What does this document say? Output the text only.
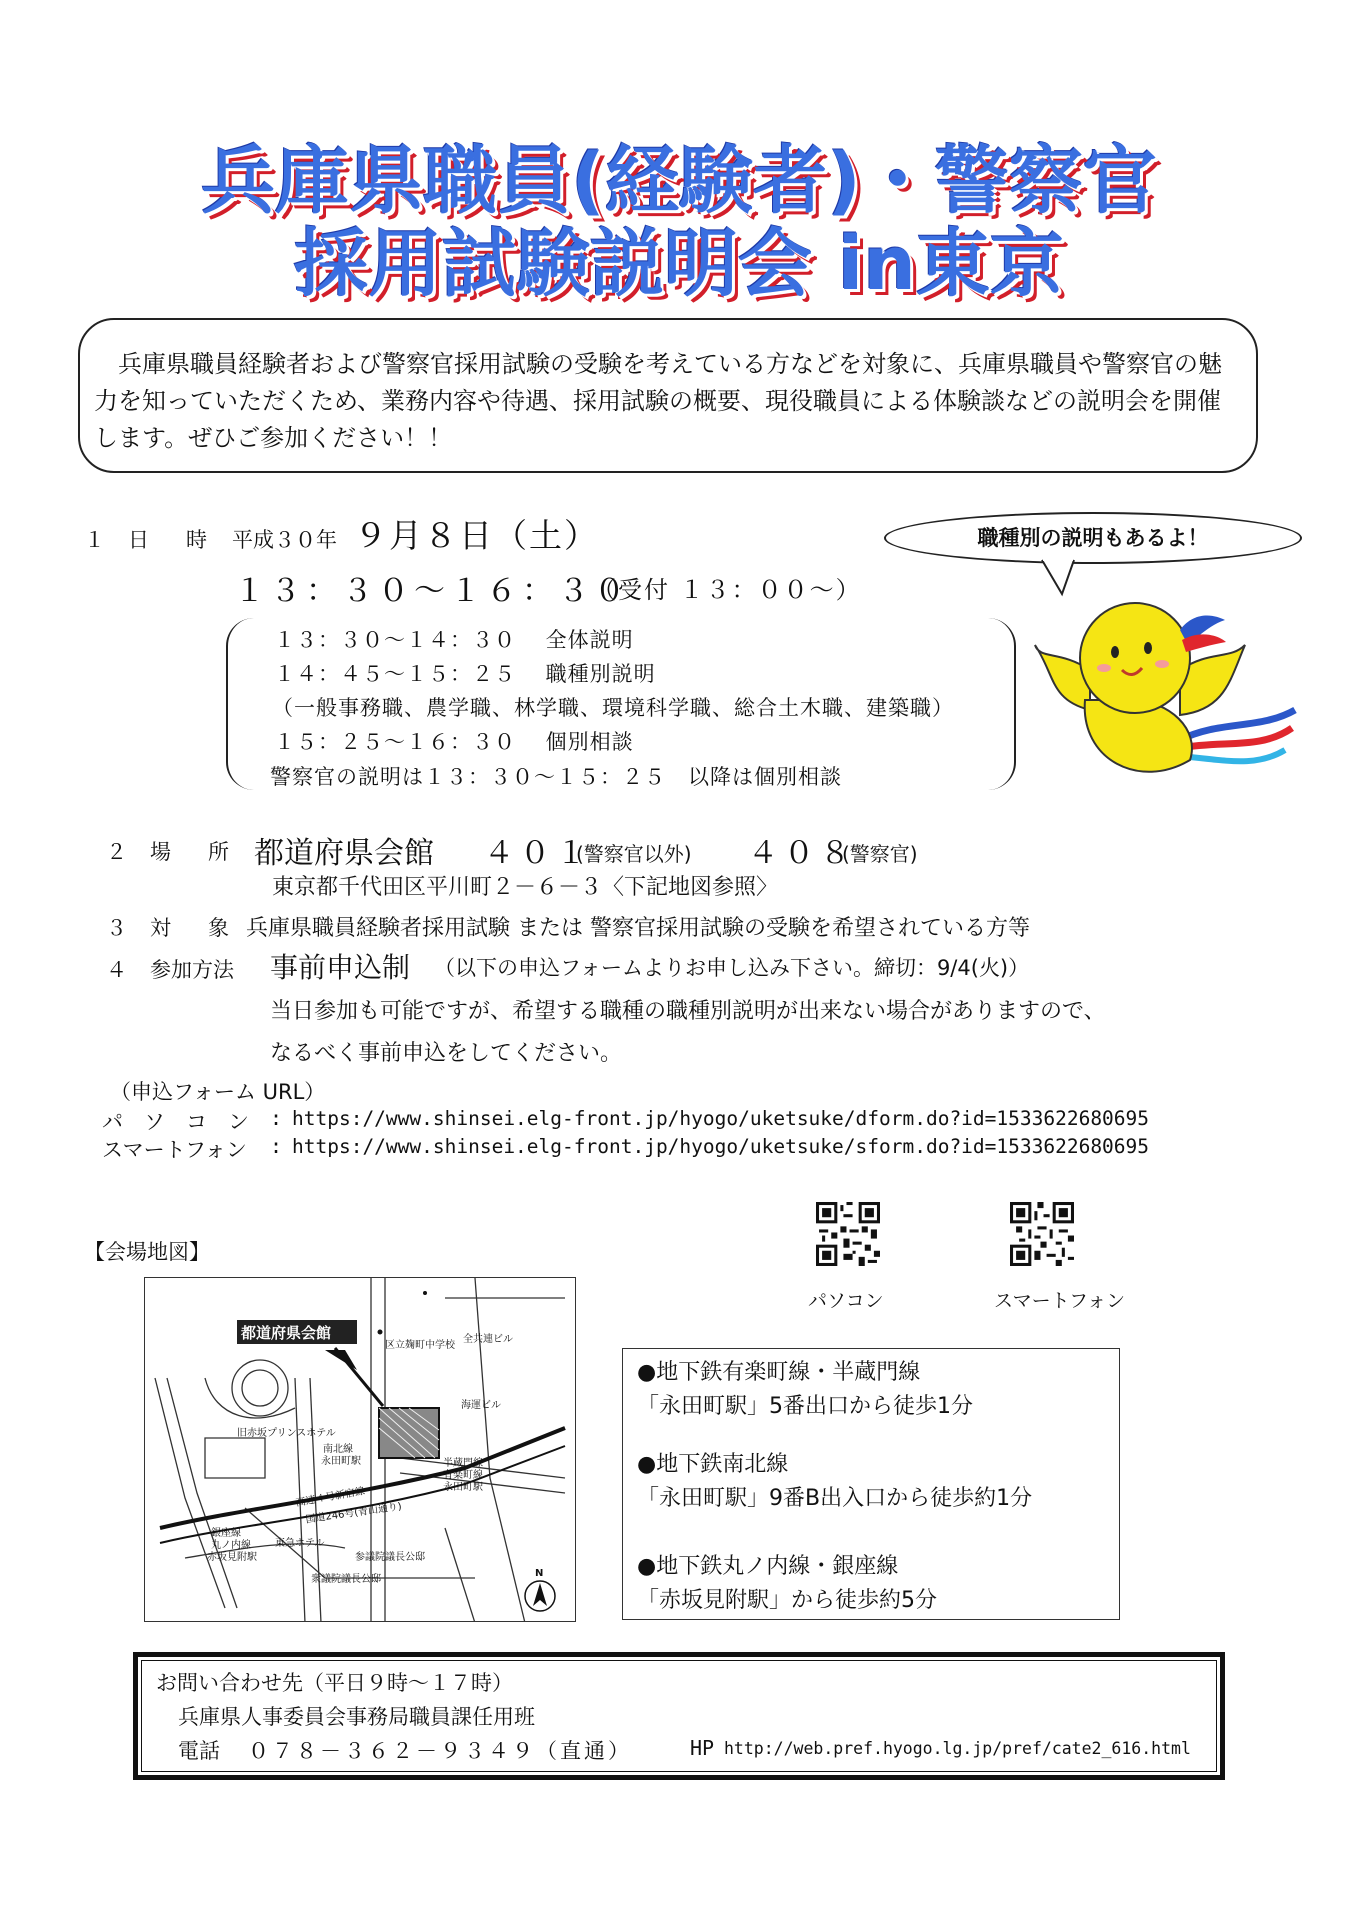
兵庫県職員(経験者)・警察官
採用試験説明会 in東京
兵庫県職員経験者および警察官採用試験の受験を考えている方などを対象に、兵庫県職員や警察官の魅力を知っていただくため、業務内容や待遇、採用試験の概要、現役職員による体験談などの説明会を開催します。ぜひご参加ください！！
職種別の説明もあるよ！
１ 日　時 平成３０年 ９月８日（土）
１３：３０～１６：３０
（受付 １３：００～）
１３：３０～１４：３０　 全体説明
１４：４５～１５：２５　 職種別説明
（一般事務職、農学職、林学職、環境科学職、総合土木職、建築職）
１５：２５～１６：３０　 個別相談
警察官の説明は１３：３０～１５：２５　以降は個別相談
２ 場　所 都道府県会館 ４０１
(警察官以外) ４０８
(警察官)
東京都千代田区平川町２－６－３〈下記地図参照〉
３ 対　象 兵庫県職員経験者採用試験 または 警察官採用試験の受験を希望されている方等
４ 参加方法 事前申込制 （以下の申込フォームよりお申し込み下さい。締切：9/4(火)）
当日参加も可能ですが、希望する職種の職種別説明が出来ない場合がありますので、
なるべく事前申込をしてください。
（申込フォーム URL）
パ　ソ　コ　ン : https://www.shinsei.elg-front.jp/hyogo/uketsuke/dform.do?id=1533622680695
スマートフォン : https://www.shinsei.elg-front.jp/hyogo/uketsuke/sform.do?id=1533622680695
パソコン	スマートフォン
【会場地図】
都道府県会館
区立麹町中学校
全共連ビル
海運ビル
旧赤坂プリンスホテル
南北線
永田町駅	半蔵門線
有楽町線
永田町駅
高速４号新宿線
国道246号(青山通り)
銀座線
丸ノ内線
赤坂見附駅
東急ホテル
参議院議長公邸
衆議院議長公邸
N
●地下鉄有楽町線・半蔵門線
「永田町駅」5番出口から徒歩1分
●地下鉄南北線
「永田町駅」9番B出入口から徒歩約1分
●地下鉄丸ノ内線・銀座線
「赤坂見附駅」から徒歩約5分
お問い合わせ先（平日９時～１７時）
兵庫県人事委員会事務局職員課任用班
電話 ０７８－３６２－９３４９（直通）	HP http://web.pref.hyogo.lg.jp/pref/cate2_616.html
